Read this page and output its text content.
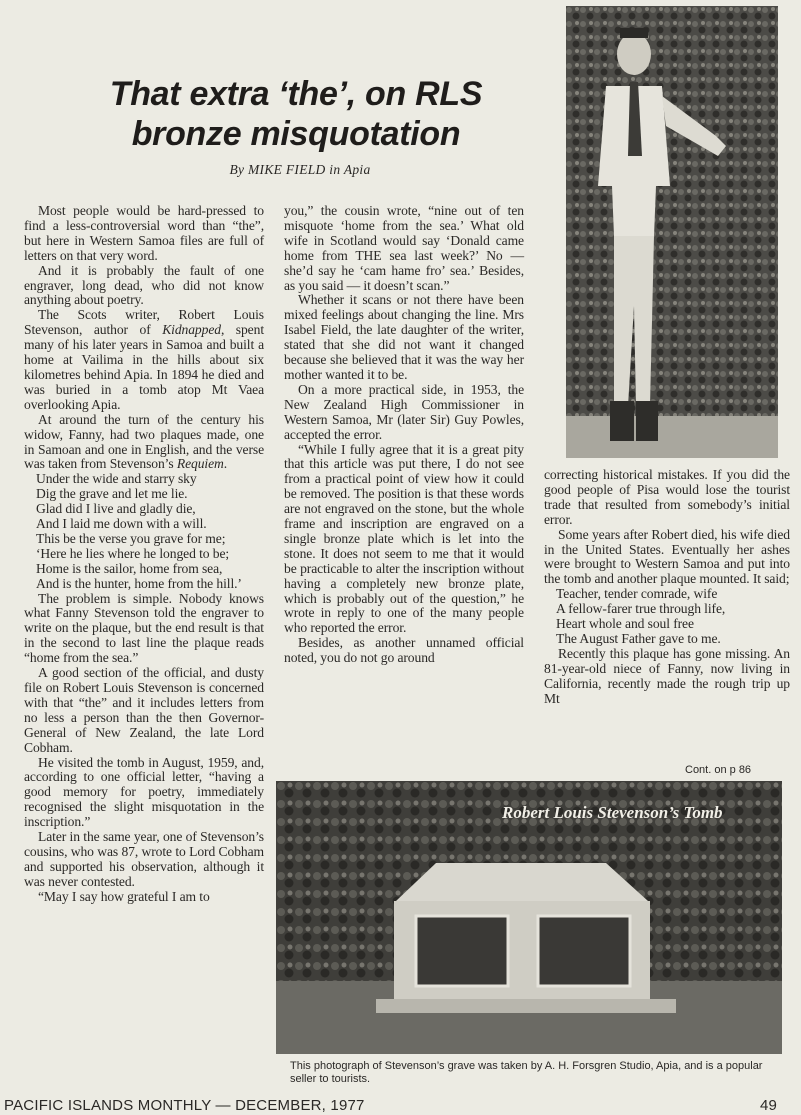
That extra ‘the’, on RLS bronze misquotation
By MIKE FIELD in Apia

Most people would be hard-pressed to find a less-controversial word than “the”, but here in Western Samoa files are full of letters on that very word.

And it is probably the fault of one engraver, long dead, who did not know anything about poetry.

The Scots writer, Robert Louis Stevenson, author of Kidnapped, spent many of his later years in Samoa and built a home at Vailima in the hills about six kilometres behind Apia. In 1894 he died and was buried in a tomb atop Mt Vaea overlooking Apia.

At around the turn of the century his widow, Fanny, had two plaques made, one in Samoan and one in English, and the verse was taken from Stevenson’s Requiem.

Under the wide and starry sky
Dig the grave and let me lie.
Glad did I live and gladly die,
And I laid me down with a will.
This be the verse you grave for me;
‘Here he lies where he longed to be;
Home is the sailor, home from sea,
And is the hunter, home from the hill.’

The problem is simple. Nobody knows what Fanny Stevenson told the engraver to write on the plaque, but the end result is that in the second to last line the plaque reads “home from the sea.”

A good section of the official, and dusty file on Robert Louis Stevenson is concerned with that “the” and it includes letters from no less a person than the then Governor-General of New Zealand, the late Lord Cobham.

He visited the tomb in August, 1959, and, according to one official letter, “having a good memory for poetry, immediately recognised the slight misquotation in the inscription.”

Later in the same year, one of Stevenson’s cousins, who was 87, wrote to Lord Cobham and supported his observation, although it was never contested.

“May I say how grateful I am to

you,” the cousin wrote, “nine out of ten misquote ‘home from the sea.’ What old wife in Scotland would say ‘Donald came home from THE sea last week?’ No — she’d say he ‘cam hame fro’ sea.’ Besides, as you said — it doesn’t scan.”

Whether it scans or not there have been mixed feelings about changing the line. Mrs Isabel Field, the late daughter of the writer, stated that she did not want it changed because she believed that it was the way her mother wanted it to be.

On a more practical side, in 1953, the New Zealand High Commissioner in Western Samoa, Mr (later Sir) Guy Powles, accepted the error.

“While I fully agree that it is a great pity that this article was put there, I do not see from a practical point of view how it could be removed. The position is that these words are not engraved on the stone, but the whole frame and inscription are engraved on a single bronze plate which is let into the stone. It does not seem to me that it would be practicable to alter the inscription without having a completely new bronze plate, which is probably out of the question,” he wrote in reply to one of the many people who reported the error.

Besides, as another unnamed official noted, you do not go around

correcting historical mistakes. If you did the good people of Pisa would lose the tourist trade that resulted from somebody’s initial error.

Some years after Robert died, his wife died in the United States. Eventually her ashes were brought to Western Samoa and put into the tomb and another plaque mounted. It said;

Teacher, tender comrade, wife
A fellow-farer true through life,
Heart whole and soul free
The August Father gave to me.

Recently this plaque has gone missing. An 81-year-old niece of Fanny, now living in California, recently made the rough trip up Mt

Cont. on p 86
Robert Louis Stevenson’s Tomb
This photograph of Stevenson’s grave was taken by A. H. Forsgren Studio, Apia, and is a popular seller to tourists.
PACIFIC ISLANDS MONTHLY — DECEMBER, 1977	49
